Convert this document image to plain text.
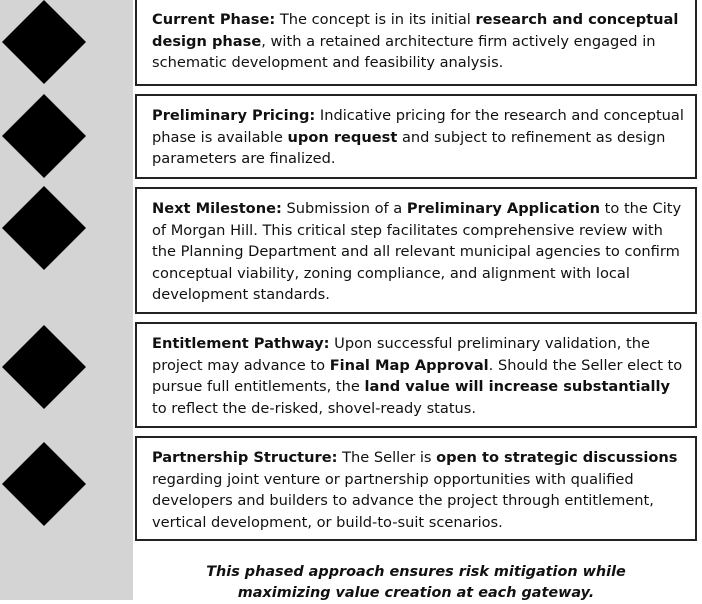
Current Phase: The concept is in its initial research and conceptual design phase, with a retained architecture firm actively engaged in schematic development and feasibility analysis.
Preliminary Pricing: Indicative pricing for the research and conceptual phase is available upon request and subject to refinement as design parameters are finalized.
Next Milestone: Submission of a Preliminary Application to the City of Morgan Hill. This critical step facilitates comprehensive review with the Planning Department and all relevant municipal agencies to confirm conceptual viability, zoning compliance, and alignment with local development standards.
Entitlement Pathway: Upon successful preliminary validation, the project may advance to Final Map Approval. Should the Seller elect to pursue full entitlements, the land value will increase substantially to reflect the de-risked, shovel-ready status.
Partnership Structure: The Seller is open to strategic discussions regarding joint venture or partnership opportunities with qualified developers and builders to advance the project through entitlement, vertical development, or build-to-suit scenarios.
This phased approach ensures risk mitigation while
maximizing value creation at each gateway.
